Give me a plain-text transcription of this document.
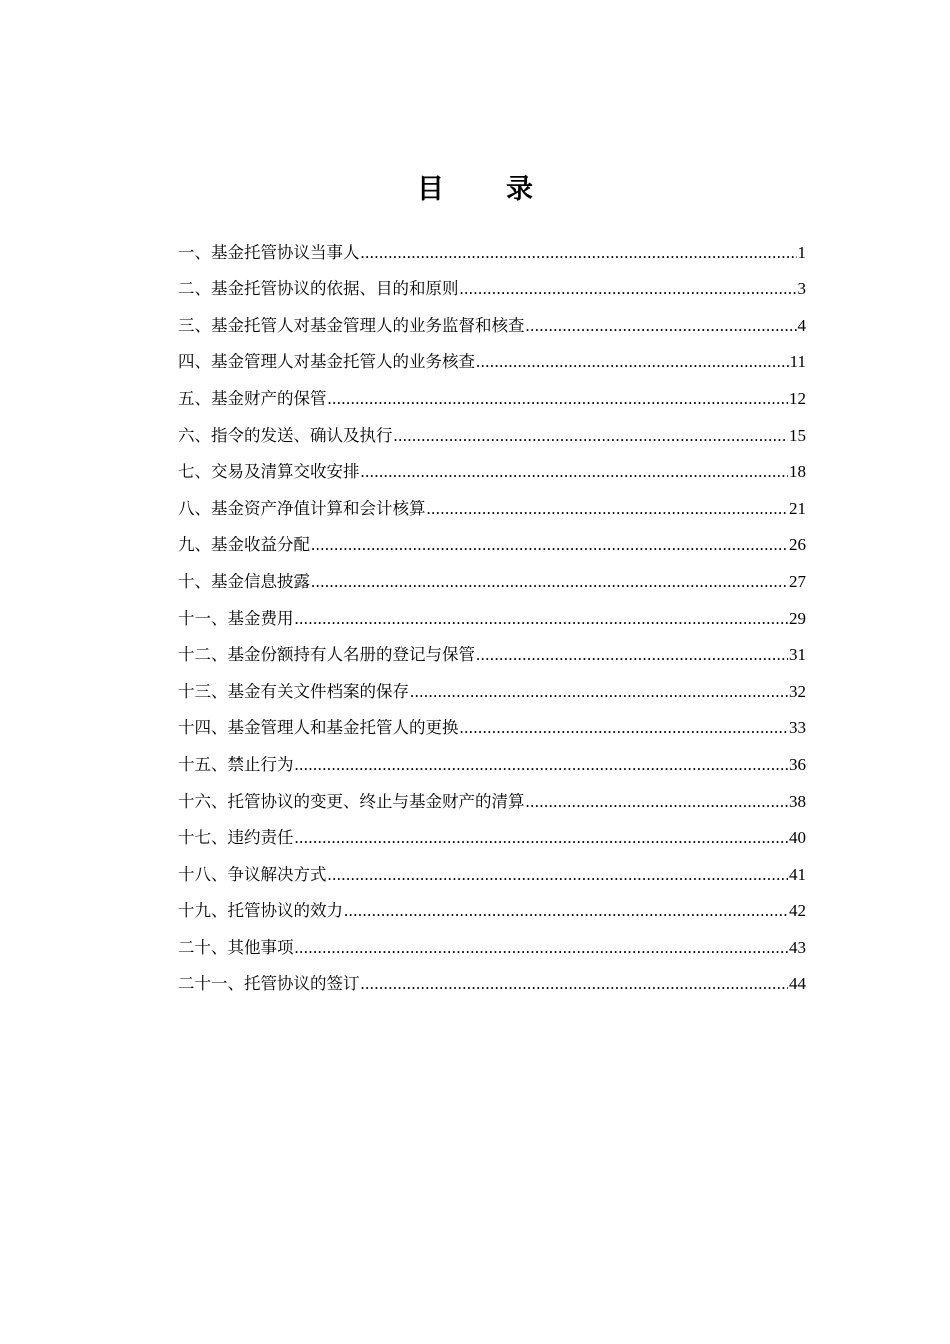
目 录
一、基金托管协议当事人 .....	1
二、基金托管协议的依据、目的和原则 .....	3
三、基金托管人对基金管理人的业务监督和核查 .....	4
四、基金管理人对基金托管人的业务核查 .....	11
五、基金财产的保管 .....	12
六、指令的发送、确认及执行 .....	15
七、交易及清算交收安排 .....	18
八、基金资产净值计算和会计核算 .....	21
九、基金收益分配 .....	26
十、基金信息披露 .....	27
十一、基金费用 .....	29
十二、基金份额持有人名册的登记与保管 .....	31
十三、基金有关文件档案的保存 .....	32
十四、基金管理人和基金托管人的更换 .....	33
十五、禁止行为 .....	36
十六、托管协议的变更、终止与基金财产的清算 .....	38
十七、违约责任 .....	40
十八、争议解决方式 .....	41
十九、托管协议的效力 .....	42
二十、其他事项 .....	43
二十一、托管协议的签订 .....	44
